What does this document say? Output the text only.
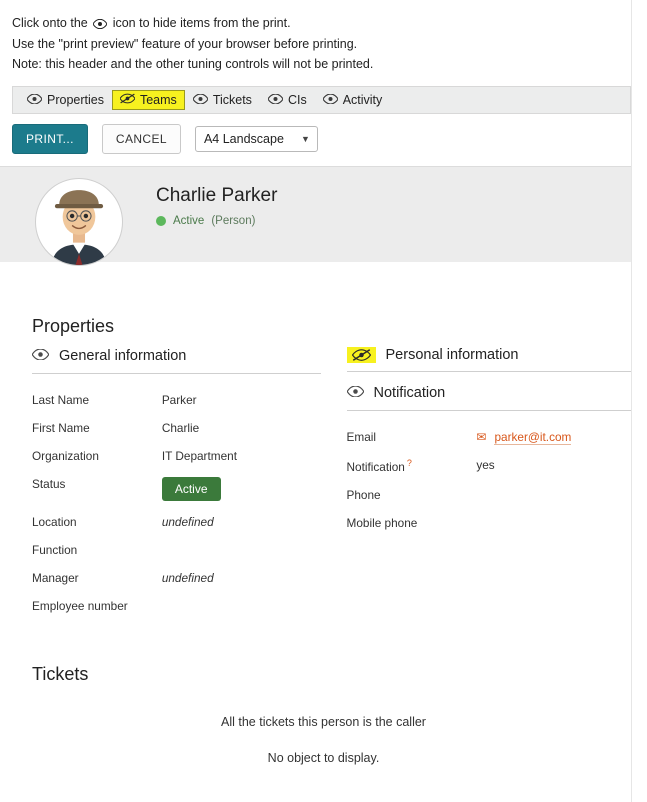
Click onto the icon to hide items from the print.
Use the "print preview" feature of your browser before printing.
Note: this header and the other tuning controls will not be printed.
Properties	Teams	Tickets	CIs	Activity
PRINT...	CANCEL
A4 Landscape	▼
Charlie Parker
Active (Person)
Properties
General information
Last Name	Parker
First Name	Charlie
Organization	IT Department
Status	Active
Location	undefined
Function	
Manager	undefined
Employee number	
Personal information
Notification
Email	✉ parker@it.com
Notification ?	yes
Phone	
Mobile phone	
Tickets
All the tickets this person is the caller
No object to display.
